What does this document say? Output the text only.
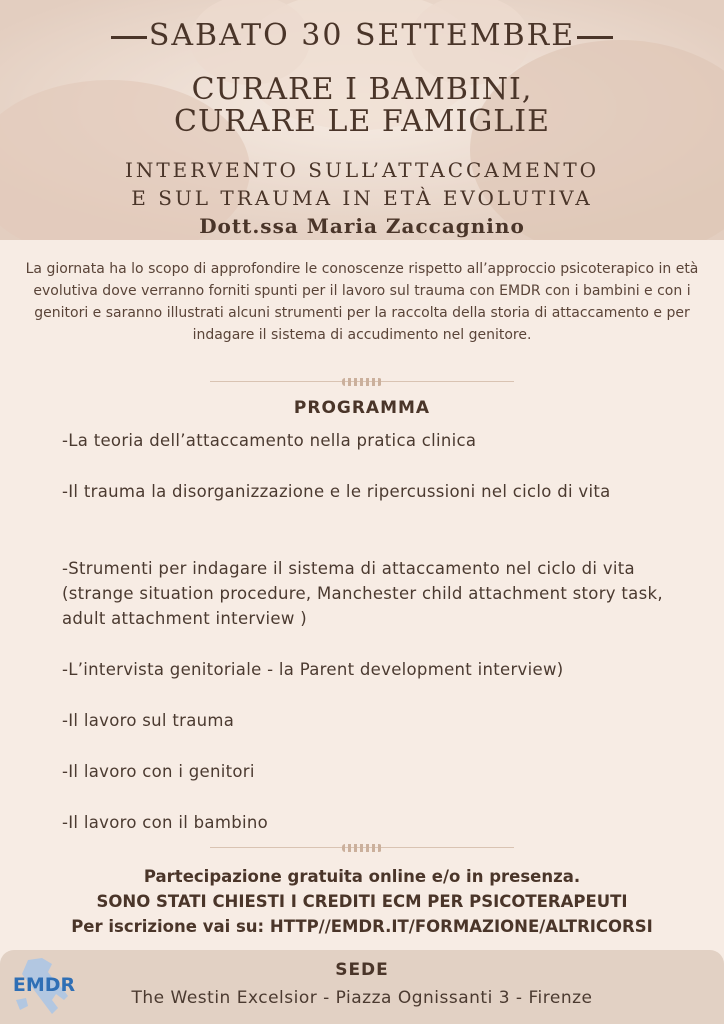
SABATO 30 SETTEMBRE
CURARE I BAMBINI,
CURARE LE FAMIGLIE
INTERVENTO SULL’ATTACCAMENTO
E SUL TRAUMA IN ETÀ EVOLUTIVA
Dott.ssa Maria Zaccagnino
La giornata ha lo scopo di approfondire le conoscenze rispetto all’approccio psicoterapico in età evolutiva dove verranno forniti spunti per il lavoro sul trauma con EMDR con i bambini e con i genitori e saranno illustrati alcuni strumenti per la raccolta della storia di attaccamento e per indagare il sistema di accudimento nel genitore.
PROGRAMMA
-La teoria dell’attaccamento nella pratica clinica
-Il trauma la disorganizzazione e le ripercussioni nel ciclo di vita
-Strumenti per indagare il sistema di attaccamento nel ciclo di vita (strange situation procedure, Manchester child attachment story task, adult attachment interview )
-L’intervista genitoriale - la Parent development interview)
-Il lavoro sul trauma
-Il lavoro con i genitori
-Il lavoro con il bambino
Partecipazione gratuita online e/o in presenza.
SONO STATI CHIESTI I CREDITI ECM PER PSICOTERAPEUTI
Per iscrizione vai su: HTTP//EMDR.IT/FORMAZIONE/ALTRICORSI
SEDE
The Westin Excelsior - Piazza Ognissanti 3 - Firenze
EMDR
